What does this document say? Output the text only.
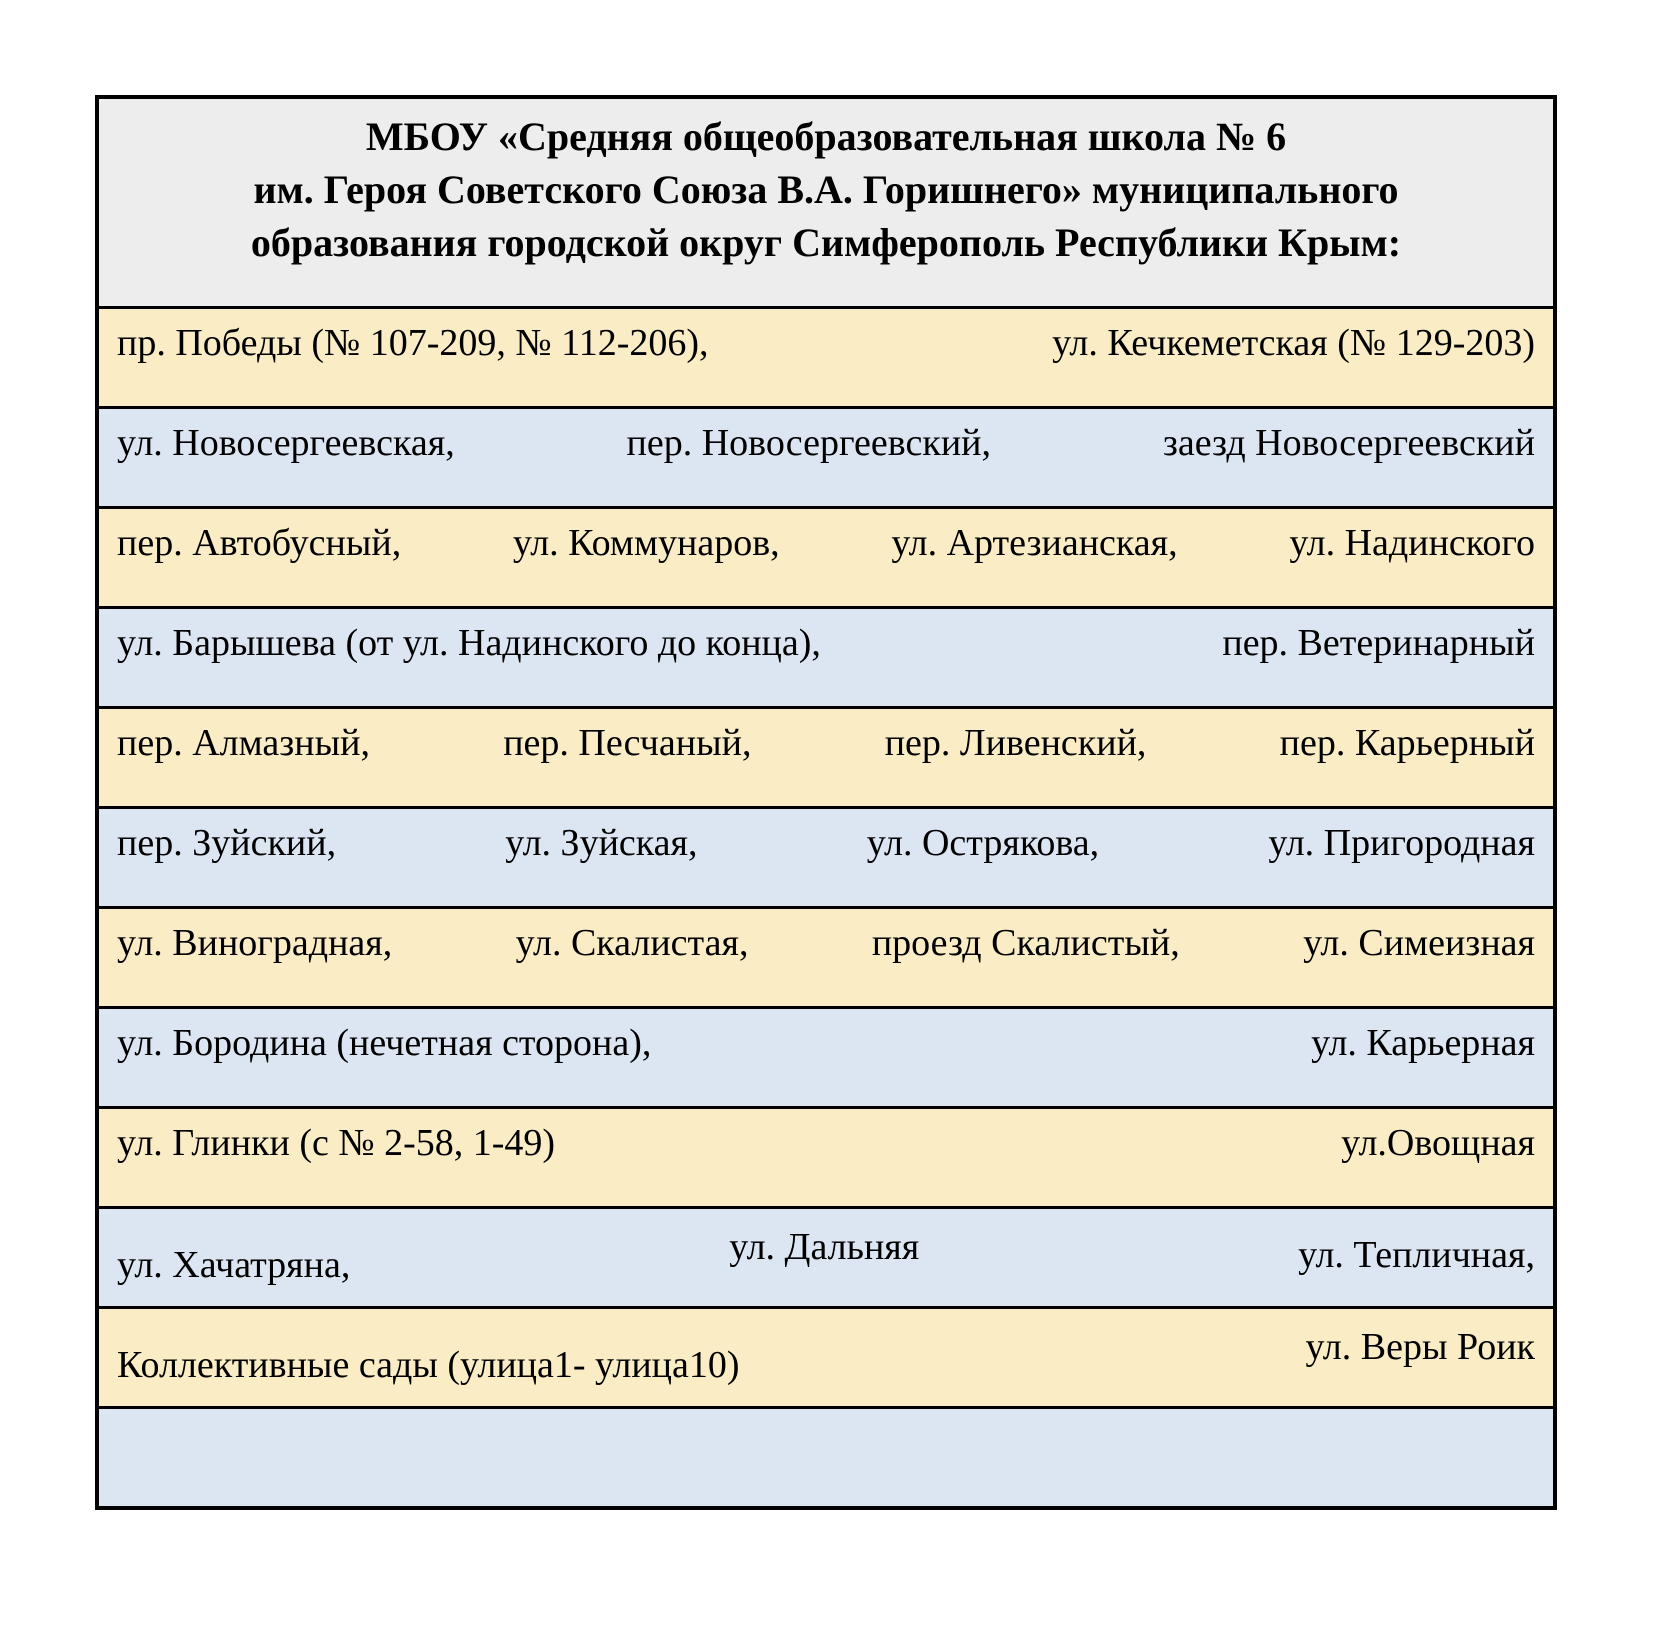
МБОУ «Средняя общеобразовательная школа № 6
им. Героя Советского Союза В.А. Горишнего» муниципального
образования городской округ Симферополь Республики Крым:
пр. Победы (№ 107-209, № 112-206),	ул. Кечкеметская (№ 129-203)
ул. Новосергеевская,	пер. Новосергеевский,	заезд Новосергеевский
пер. Автобусный,	ул. Коммунаров,	ул. Артезианская,	ул. Надинского
ул. Барышева (от ул. Надинского до конца),	пер. Ветеринарный
пер. Алмазный,	пер. Песчаный,	пер. Ливенский,	пер. Карьерный
пер. Зуйский,	ул. Зуйская,	ул. Острякова,	ул. Пригородная
ул. Виноградная,	ул. Скалистая,	проезд Скалистый,	ул. Симеизная
ул. Бородина (нечетная сторона),	ул. Карьерная
ул. Глинки (с № 2-58, 1-49)	ул.Овощная
ул. Хачатряна,	ул. Дальняя	ул. Тепличная,
Коллективные сады (улица1- улица10)	ул. Веры Роик
